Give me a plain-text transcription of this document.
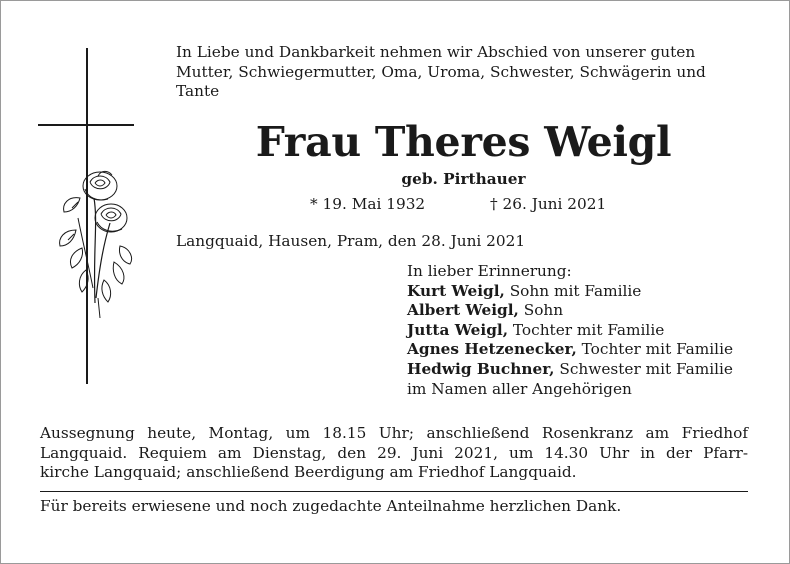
In Liebe und Dankbarkeit nehmen wir Abschied von unserer guten
Mutter, Schwiegermutter, Oma, Uroma, Schwester, Schwägerin und
Tante
Frau Theres Weigl
geb. Pirthauer
* 19. Mai 1932	† 26. Juni 2021
Langquaid, Hausen, Pram, den 28. Juni 2021
In lieber Erinnerung:
Kurt Weigl, Sohn mit Familie
Albert Weigl, Sohn
Jutta Weigl, Tochter mit Familie
Agnes Hetzenecker, Tochter mit Familie
Hedwig Buchner, Schwester mit Familie
im Namen aller Angehörigen
Aussegnung heute, Montag, um 18.15 Uhr; anschließend Rosenkranz am Friedhof
Langquaid. Requiem am Dienstag, den 29. Juni 2021, um 14.30 Uhr in der Pfarr-
kirche Langquaid; anschließend Beerdigung am Friedhof Langquaid.
Für bereits erwiesene und noch zugedachte Anteilnahme herzlichen Dank.
